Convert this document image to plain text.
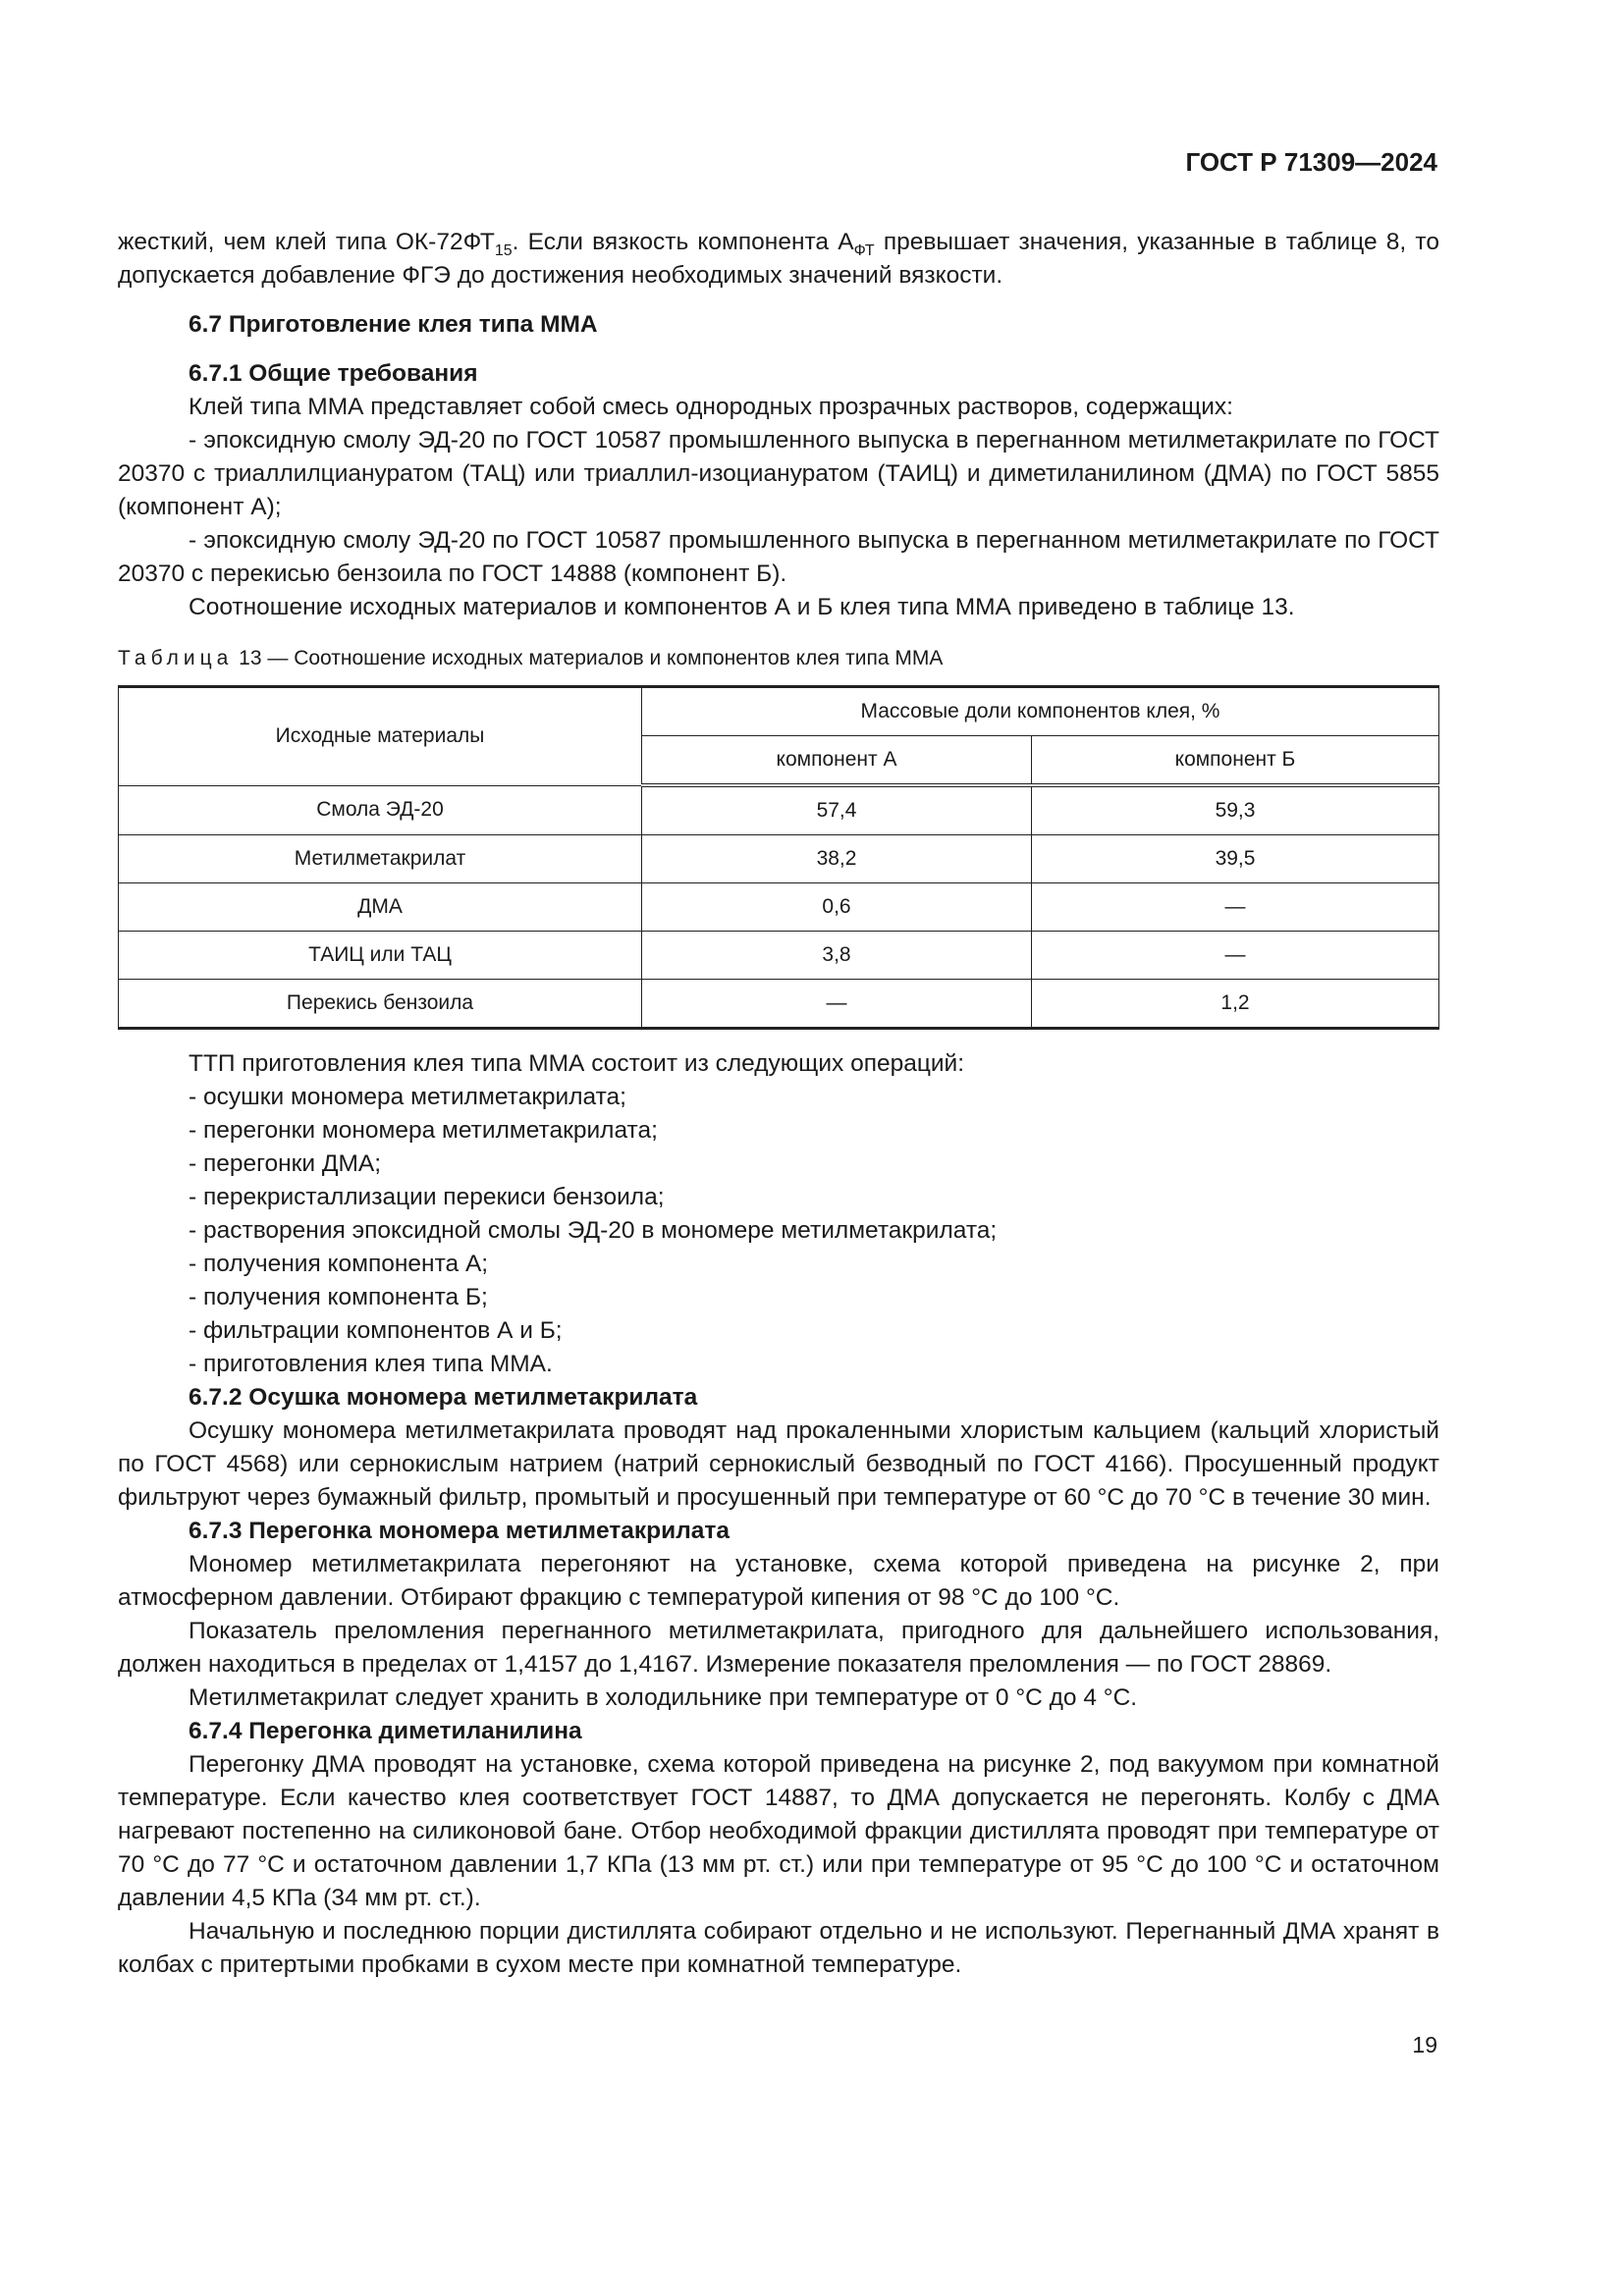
ГОСТ Р 71309—2024

жесткий, чем клей типа $ОК-72ФТ_{15}$. Если вязкость компонента $А_{ФТ}$ превышает значения, указанные в таблице 8, то допускается добавление ФГЭ до достижения необходимых значений вязкости.

6.7 Приготовление клея типа ММА

6.7.1 Общие требования

Клей типа ММА представляет собой смесь однородных прозрачных растворов, содержащих:

- эпоксидную смолу ЭД-20 по ГОСТ 10587 промышленного выпуска в перегнанном метилметакрилате по ГОСТ 20370 с триаллилциануратом (ТАЦ) или триаллил-изоциануратом (ТАИЦ) и диметиланилином (ДМА) по ГОСТ 5855 (компонент А);

- эпоксидную смолу ЭД-20 по ГОСТ 10587 промышленного выпуска в перегнанном метилметакрилате по ГОСТ 20370 с перекисью бензоила по ГОСТ 14888 (компонент Б).

Соотношение исходных материалов и компонентов А и Б клея типа ММА приведено в таблице 13.

Таблица 13 — Соотношение исходных материалов и компонентов клея типа ММА
Исходные материалы	Массовые доли компонентов клея, %	
	компонент А	компонент Б
Смола ЭД-20	57,4	59,3
Метилметакрилат	38,2	39,5
ДМА	0,6	—
ТАИЦ или ТАЦ	3,8	—
Перекись бензоила	—	1,2

ТТП приготовления клея типа ММА состоит из следующих операций:

- осушки мономера метилметакрилата;

- перегонки мономера метилметакрилата;

- перегонки ДМА;

- перекристаллизации перекиси бензоила;

- растворения эпоксидной смолы ЭД-20 в мономере метилметакрилата;

- получения компонента А;

- получения компонента Б;

- фильтрации компонентов А и Б;

- приготовления клея типа ММА.

6.7.2 Осушка мономера метилметакрилата

Осушку мономера метилметакрилата проводят над прокаленными хлористым кальцием (кальций хлористый по ГОСТ 4568) или сернокислым натрием (натрий сернокислый безводный по ГОСТ 4166). Просушенный продукт фильтруют через бумажный фильтр, промытый и просушенный при температуре от 60 °С до 70 °С в течение 30 мин.

6.7.3 Перегонка мономера метилметакрилата

Мономер метилметакрилата перегоняют на установке, схема которой приведена на рисунке 2, при атмосферном давлении. Отбирают фракцию с температурой кипения от 98 °С до 100 °С.

Показатель преломления перегнанного метилметакрилата, пригодного для дальнейшего использования, должен находиться в пределах от 1,4157 до 1,4167. Измерение показателя преломления — по ГОСТ 28869.

Метилметакрилат следует хранить в холодильнике при температуре от 0 °С до 4 °С.

6.7.4 Перегонка диметиланилина

Перегонку ДМА проводят на установке, схема которой приведена на рисунке 2, под вакуумом при комнатной температуре. Если качество клея соответствует ГОСТ 14887, то ДМА допускается не перегонять. Колбу с ДМА нагревают постепенно на силиконовой бане. Отбор необходимой фракции дистиллята проводят при температуре от 70 °С до 77 °С и остаточном давлении 1,7 КПа (13 мм рт. ст.) или при температуре от 95 °С до 100 °С и остаточном давлении 4,5 КПа (34 мм рт. ст.).

Начальную и последнюю порции дистиллята собирают отдельно и не используют. Перегнанный ДМА хранят в колбах с притертыми пробками в сухом месте при комнатной температуре.

19
